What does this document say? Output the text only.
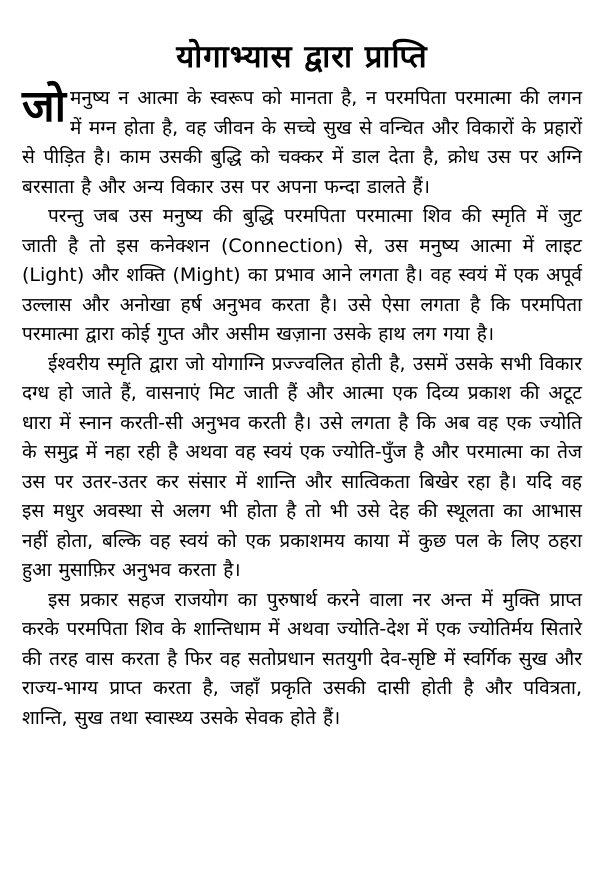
योगाभ्यास द्वारा प्राप्ति

जोमनुष्य न आत्मा के स्वरूप को मानता है, न परमपिता परमात्मा की लगन में मग्न होता है, वह जीवन के सच्चे सुख से वन्चित और विकारों के प्रहारों से पीड़ित है। काम उसकी बुद्धि को चक्कर में डाल देता है, क्रोध उस पर अग्नि बरसाता है और अन्य विकार उस पर अपना फन्दा डालते हैं।

परन्तु जब उस मनुष्य की बुद्धि परमपिता परमात्मा शिव की स्मृति में जुट जाती है तो इस कनेक्शन (Connection) से, उस मनुष्य आत्मा में लाइट (Light) और शक्ति (Might) का प्रभाव आने लगता है। वह स्वयं में एक अपूर्व उल्लास और अनोखा हर्ष अनुभव करता है। उसे ऐसा लगता है कि परमपिता परमात्मा द्वारा कोई गुप्त और असीम खज़ाना उसके हाथ लग गया है।

ईश्वरीय स्मृति द्वारा जो योगाग्नि प्रज्ज्वलित होती है, उसमें उसके सभी विकार दग्ध हो जाते हैं, वासनाएं मिट जाती हैं और आत्मा एक दिव्य प्रकाश की अटूट धारा में स्नान करती-सी अनुभव करती है। उसे लगता है कि अब वह एक ज्योति के समुद्र में नहा रही है अथवा वह स्वयं एक ज्योति-पुँज है और परमात्मा का तेज उस पर उतर-उतर कर संसार में शान्ति और सात्विकता बिखेर रहा है। यदि वह इस मधुर अवस्था से अलग भी होता है तो भी उसे देह की स्थूलता का आभास नहीं होता, बल्कि वह स्वयं को एक प्रकाशमय काया में कुछ पल के लिए ठहरा हुआ मुसाफ़िर अनुभव करता है।

इस प्रकार सहज राजयोग का पुरुषार्थ करने वाला नर अन्त में मुक्ति प्राप्त करके परमपिता शिव के शान्तिधाम में अथवा ज्योति-देश में एक ज्योतिर्मय सितारे की तरह वास करता है फिर वह सतोप्रधान सतयुगी देव-सृष्टि में स्वर्गिक सुख और राज्य-भाग्य प्राप्त करता है, जहाँ प्रकृति उसकी दासी होती है और पवित्रता, शान्ति, सुख तथा स्वास्थ्य उसके सेवक होते हैं।
